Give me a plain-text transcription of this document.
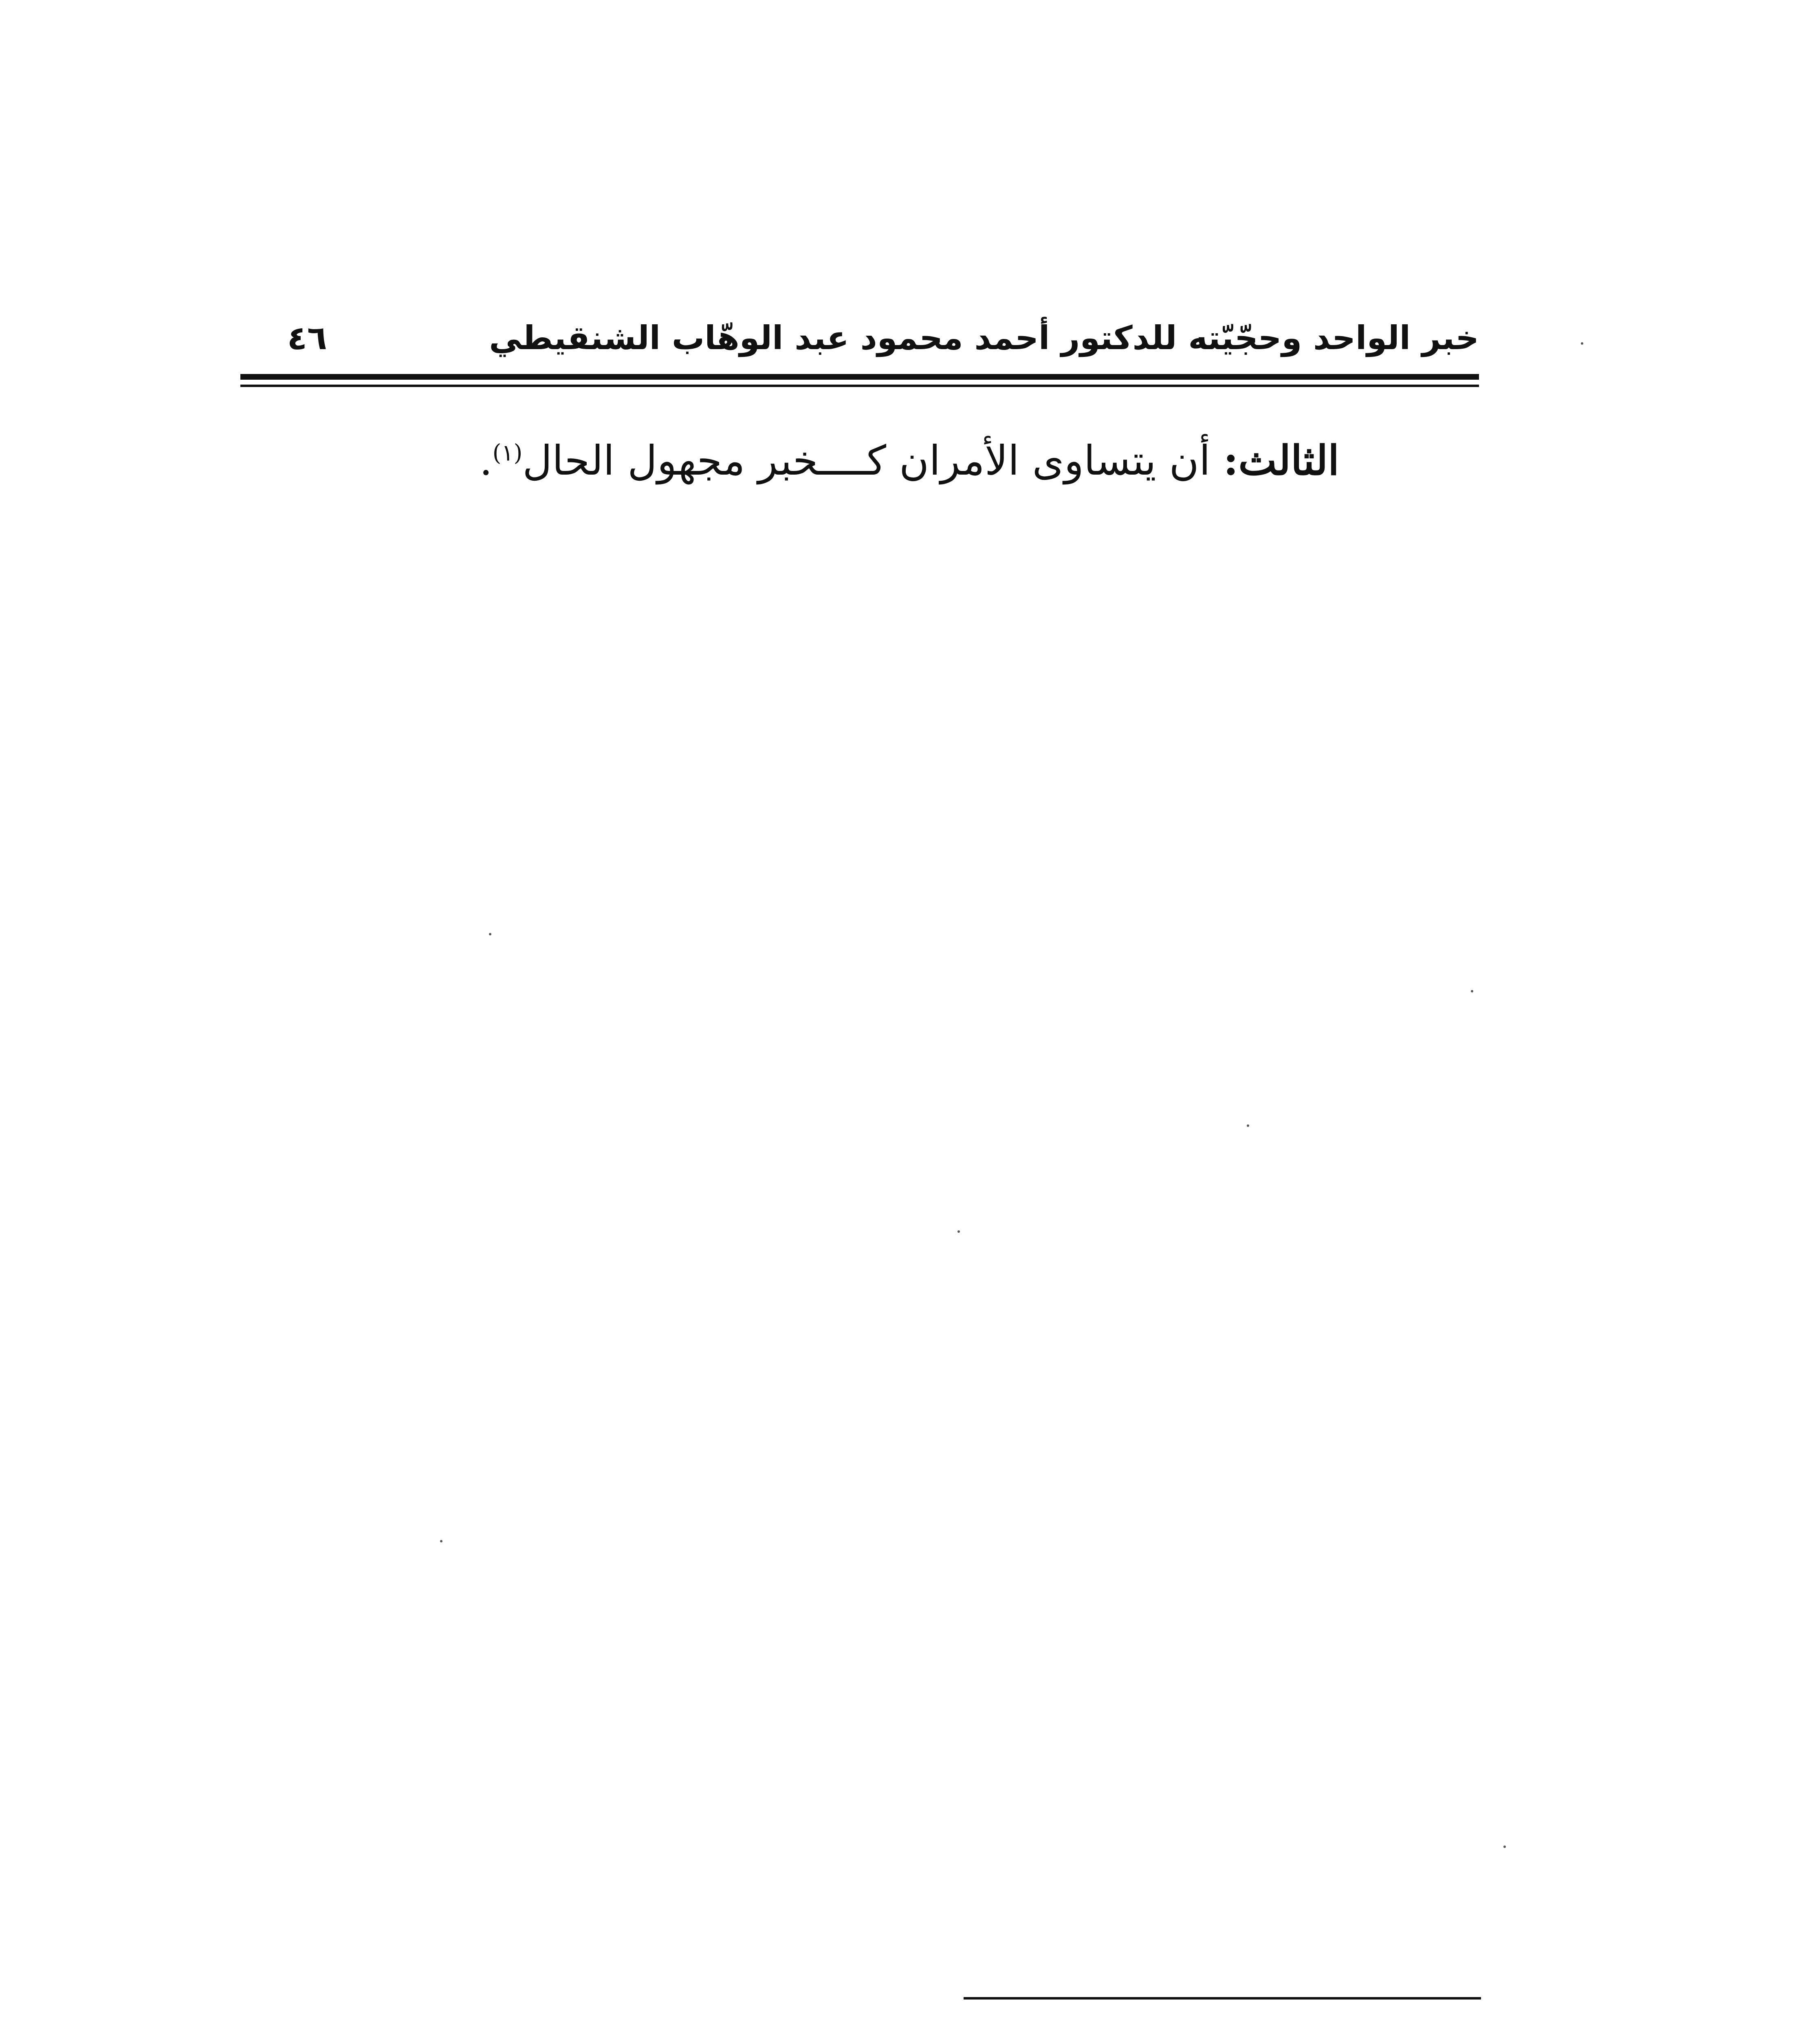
خبر الواحد وحجّيّته للدكتور أحمد محمود عبد الوهّاب الشنقيطي
٤٦
الثالث: أن يتساوى الأمران كــــخبر مجهول الحال$^{(١)}$.
